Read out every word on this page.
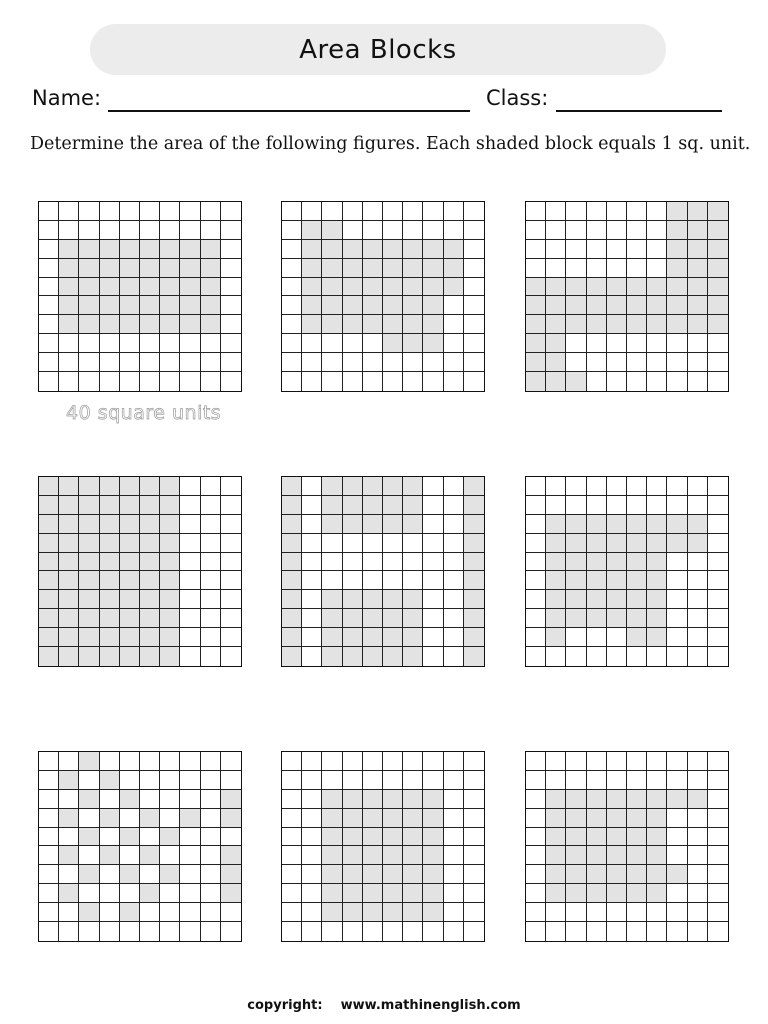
Area Blocks
Name:	Class:
Determine the area of the following figures. Each shaded block equals 1 sq. unit.
40 square units
copyright: www.mathinenglish.com
